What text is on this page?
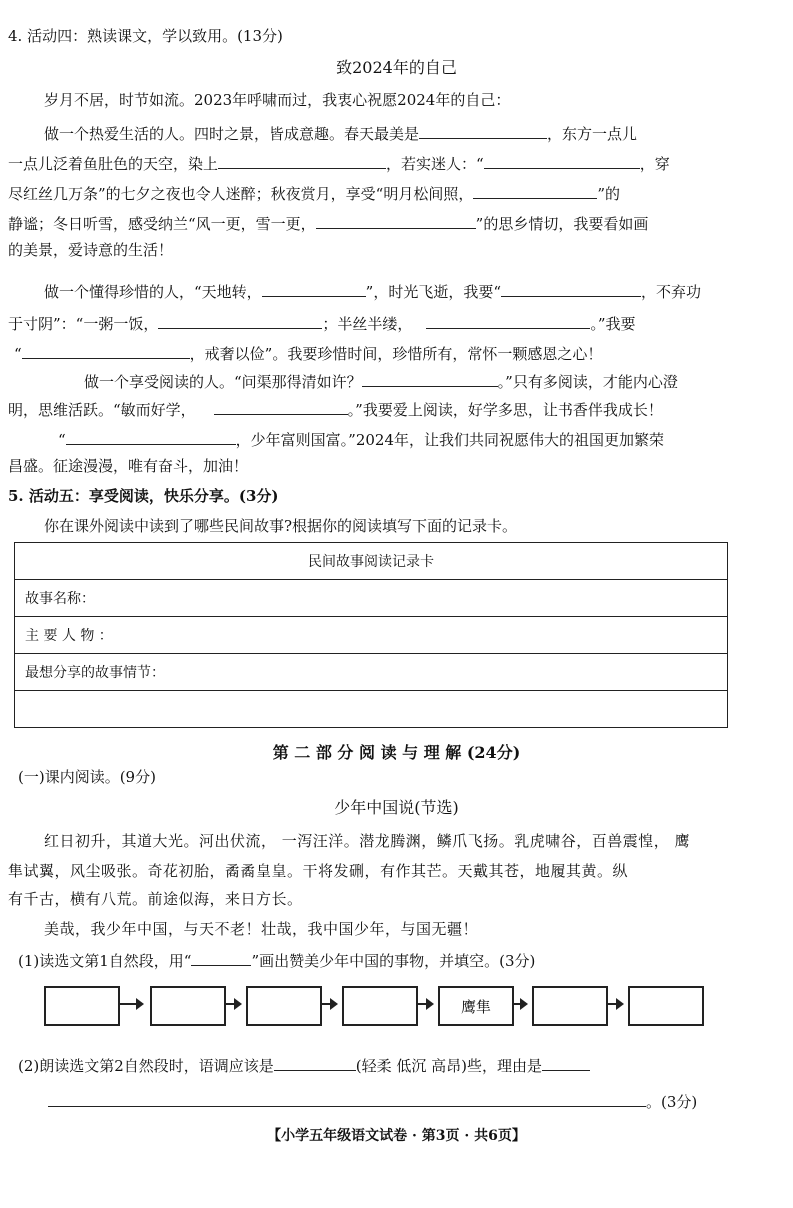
4. 活动四：熟读课文，学以致用。(13分)
致2024年的自己
岁月不居，时节如流。2023年呼啸而过，我衷心祝愿2024年的自己：
做一个热爱生活的人。四时之景，皆成意趣。春天最美是	，东方一点儿
一点儿泛着鱼肚色的天空，染上	，若实迷人：“	，穿
尽红丝几万条”的七夕之夜也令人迷醉；秋夜赏月，享受“明月松间照，	”的
静谧；冬日听雪，感受纳兰“风一更，雪一更，	”的思乡情切，我要看如画
的美景，爱诗意的生活！
做一个懂得珍惜的人，“天地转，	”，时光飞逝，我要“	，不弃功
于寸阴”：“一粥一饭，	；半丝半缕，	。”我要
“	，戒奢以俭”。我要珍惜时间，珍惜所有，常怀一颗感恩之心！
做一个享受阅读的人。“问渠那得清如许？	。”只有多阅读，才能内心澄
明，思维活跃。“敏而好学，	。”我要爱上阅读，好学多思，让书香伴我成长！
“	，少年富则国富。”2024年，让我们共同祝愿伟大的祖国更加繁荣
昌盛。征途漫漫，唯有奋斗，加油！
5. 活动五：享受阅读，快乐分享。(3分)
你在课外阅读中读到了哪些民间故事?根据你的阅读填写下面的记录卡。
民间故事阅读记录卡
故事名称：
主 要 人 物 ：
最想分享的故事情节：
第 二 部 分 阅 读 与 理 解 (24分)
(一)课内阅读。(9分)
少年中国说(节选)
红日初升，其道大光。河出伏流， 一泻汪洋。潜龙腾渊，鳞爪飞扬。乳虎啸谷，百兽震惶， 鹰
隼试翼，风尘吸张。奇花初胎，矞矞皇皇。干将发硎，有作其芒。天戴其苍，地履其黄。纵
有千古，横有八荒。前途似海，来日方长。
美哉，我少年中国，与天不老！壮哉，我中国少年，与国无疆！
(1)读选文第1自然段，用“	”画出赞美少年中国的事物，并填空。(3分)
鹰隼
(2)朗读选文第2自然段时，语调应该是	(轻柔 低沉 高昂)些，理由是
。(3分)
【小学五年级语文试卷 · 第3页 · 共6页】
